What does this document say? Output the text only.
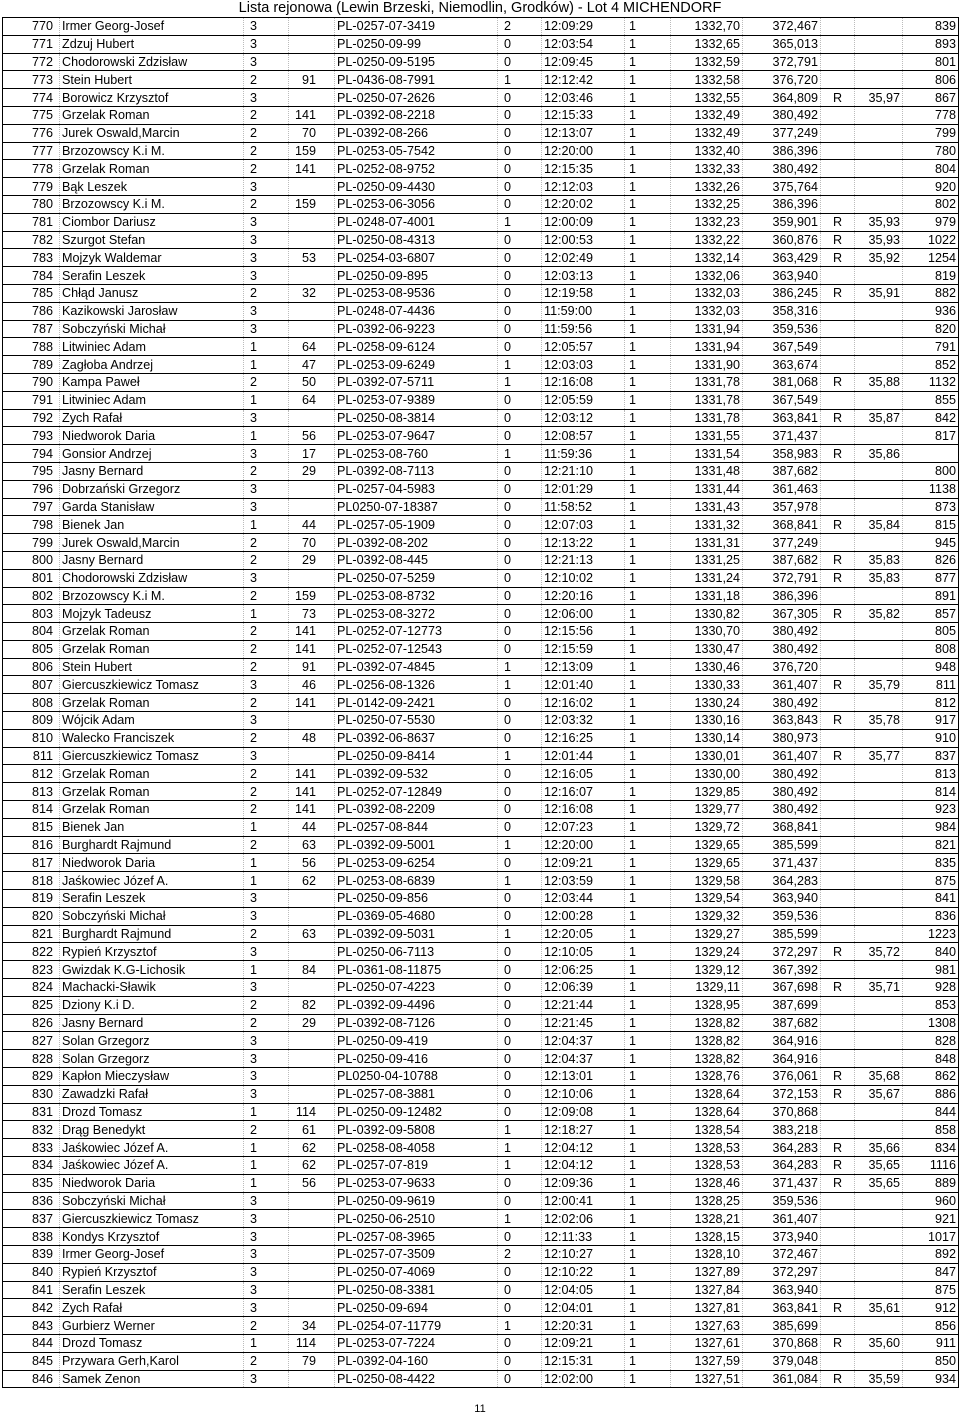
Lista rejonowa (Lewin Brzeski, Niemodlin, Grodków) - Lot 4 MICHENDORF
770	Irmer Georg-Josef	3		PL-0257-07-3419	2	12:09:29	1	1332,70	372,467			839
771	Zdzuj Hubert	3		PL-0250-09-99	0	12:03:54	1	1332,65	365,013			893
772	Chodorowski Zdzisław	3		PL-0250-09-5195	0	12:09:45	1	1332,59	372,791			801
773	Stein Hubert	2	91	PL-0436-08-7991	1	12:12:42	1	1332,58	376,720			806
774	Borowicz Krzysztof	3		PL-0250-07-2626	0	12:03:46	1	1332,55	364,809	R	35,97	867
775	Grzelak Roman	2	141	PL-0392-08-2218	0	12:15:33	1	1332,49	380,492			778
776	Jurek Oswald,Marcin	2	70	PL-0392-08-266	0	12:13:07	1	1332,49	377,249			799
777	Brzozowscy K.i M.	2	159	PL-0253-05-7542	0	12:20:00	1	1332,40	386,396			780
778	Grzelak Roman	2	141	PL-0252-08-9752	0	12:15:35	1	1332,33	380,492			804
779	Bąk Leszek	3		PL-0250-09-4430	0	12:12:03	1	1332,26	375,764			920
780	Brzozowscy K.i M.	2	159	PL-0253-06-3056	0	12:20:02	1	1332,25	386,396			802
781	Ciombor Dariusz	3		PL-0248-07-4001	1	12:00:09	1	1332,23	359,901	R	35,93	979
782	Szurgot Stefan	3		PL-0250-08-4313	0	12:00:53	1	1332,22	360,876	R	35,93	1022
783	Mojzyk Waldemar	3	53	PL-0254-03-6807	0	12:02:49	1	1332,14	363,429	R	35,92	1254
784	Serafin Leszek	3		PL-0250-09-895	0	12:03:13	1	1332,06	363,940			819
785	Chłąd Janusz	2	32	PL-0253-08-9536	0	12:19:58	1	1332,03	386,245	R	35,91	882
786	Kazikowski Jarosław	3		PL-0248-07-4436	0	11:59:00	1	1332,03	358,316			936
787	Sobczyński Michał	3		PL-0392-06-9223	0	11:59:56	1	1331,94	359,536			820
788	Litwiniec Adam	1	64	PL-0258-09-6124	0	12:05:57	1	1331,94	367,549			791
789	Zagłoba Andrzej	1	47	PL-0253-09-6249	1	12:03:03	1	1331,90	363,674			852
790	Kampa Paweł	2	50	PL-0392-07-5711	1	12:16:08	1	1331,78	381,068	R	35,88	1132
791	Litwiniec Adam	1	64	PL-0253-07-9389	0	12:05:59	1	1331,78	367,549			855
792	Zych Rafał	3		PL-0250-08-3814	0	12:03:12	1	1331,78	363,841	R	35,87	842
793	Niedworok Daria	1	56	PL-0253-07-9647	0	12:08:57	1	1331,55	371,437			817
794	Gonsior Andrzej	3	17	PL-0253-08-760	1	11:59:36	1	1331,54	358,983	R	35,86	
795	Jasny Bernard	2	29	PL-0392-08-7113	0	12:21:10	1	1331,48	387,682			800
796	Dobrzański Grzegorz	3		PL-0257-04-5983	0	12:01:29	1	1331,44	361,463			1138
797	Garda Stanisław	3		PL0250-07-18387	0	11:58:52	1	1331,43	357,978			873
798	Bienek Jan	1	44	PL-0257-05-1909	0	12:07:03	1	1331,32	368,841	R	35,84	815
799	Jurek Oswald,Marcin	2	70	PL-0392-08-202	0	12:13:22	1	1331,31	377,249			945
800	Jasny Bernard	2	29	PL-0392-08-445	0	12:21:13	1	1331,25	387,682	R	35,83	826
801	Chodorowski Zdzisław	3		PL-0250-07-5259	0	12:10:02	1	1331,24	372,791	R	35,83	877
802	Brzozowscy K.i M.	2	159	PL-0253-08-8732	0	12:20:16	1	1331,18	386,396			891
803	Mojzyk Tadeusz	1	73	PL-0253-08-3272	0	12:06:00	1	1330,82	367,305	R	35,82	857
804	Grzelak Roman	2	141	PL-0252-07-12773	0	12:15:56	1	1330,70	380,492			805
805	Grzelak Roman	2	141	PL-0252-07-12543	0	12:15:59	1	1330,47	380,492			808
806	Stein Hubert	2	91	PL-0392-07-4845	1	12:13:09	1	1330,46	376,720			948
807	Giercuszkiewicz Tomasz	3	46	PL-0256-08-1326	1	12:01:40	1	1330,33	361,407	R	35,79	811
808	Grzelak Roman	2	141	PL-0142-09-2421	0	12:16:02	1	1330,24	380,492			812
809	Wójcik Adam	3		PL-0250-07-5530	0	12:03:32	1	1330,16	363,843	R	35,78	917
810	Walecko Franciszek	2	48	PL-0392-06-8637	0	12:16:25	1	1330,14	380,973			910
811	Giercuszkiewicz Tomasz	3		PL-0250-09-8414	1	12:01:44	1	1330,01	361,407	R	35,77	837
812	Grzelak Roman	2	141	PL-0392-09-532	0	12:16:05	1	1330,00	380,492			813
813	Grzelak Roman	2	141	PL-0252-07-12849	0	12:16:07	1	1329,85	380,492			814
814	Grzelak Roman	2	141	PL-0392-08-2209	0	12:16:08	1	1329,77	380,492			923
815	Bienek Jan	1	44	PL-0257-08-844	0	12:07:23	1	1329,72	368,841			984
816	Burghardt Rajmund	2	63	PL-0392-09-5001	1	12:20:00	1	1329,65	385,599			821
817	Niedworok Daria	1	56	PL-0253-09-6254	0	12:09:21	1	1329,65	371,437			835
818	Jaśkowiec Józef A.	1	62	PL-0253-08-6839	1	12:03:59	1	1329,58	364,283			875
819	Serafin Leszek	3		PL-0250-09-856	0	12:03:44	1	1329,54	363,940			841
820	Sobczyński Michał	3		PL-0369-05-4680	0	12:00:28	1	1329,32	359,536			836
821	Burghardt Rajmund	2	63	PL-0392-09-5031	1	12:20:05	1	1329,27	385,599			1223
822	Rypień Krzysztof	3		PL-0250-06-7113	0	12:10:05	1	1329,24	372,297	R	35,72	840
823	Gwizdak K.G-Lichosik	1	84	PL-0361-08-11875	0	12:06:25	1	1329,12	367,392			981
824	Machacki-Sławik	3		PL-0250-07-4223	0	12:06:39	1	1329,11	367,698	R	35,71	928
825	Dziony K.i D.	2	82	PL-0392-09-4496	0	12:21:44	1	1328,95	387,699			853
826	Jasny Bernard	2	29	PL-0392-08-7126	0	12:21:45	1	1328,82	387,682			1308
827	Solan Grzegorz	3		PL-0250-09-419	0	12:04:37	1	1328,82	364,916			828
828	Solan Grzegorz	3		PL-0250-09-416	0	12:04:37	1	1328,82	364,916			848
829	Kapłon Mieczysław	3		PL0250-04-10788	0	12:13:01	1	1328,76	376,061	R	35,68	862
830	Zawadzki Rafał	3		PL-0257-08-3881	0	12:10:06	1	1328,64	372,153	R	35,67	886
831	Drozd Tomasz	1	114	PL-0250-09-12482	0	12:09:08	1	1328,64	370,868			844
832	Drąg Benedykt	2	61	PL-0392-09-5808	1	12:18:27	1	1328,54	383,218			858
833	Jaśkowiec Józef A.	1	62	PL-0258-08-4058	1	12:04:12	1	1328,53	364,283	R	35,66	834
834	Jaśkowiec Józef A.	1	62	PL-0257-07-819	1	12:04:12	1	1328,53	364,283	R	35,65	1116
835	Niedworok Daria	1	56	PL-0253-07-9633	0	12:09:36	1	1328,46	371,437	R	35,65	889
836	Sobczyński Michał	3		PL-0250-09-9619	0	12:00:41	1	1328,25	359,536			960
837	Giercuszkiewicz Tomasz	3		PL-0250-06-2510	1	12:02:06	1	1328,21	361,407			921
838	Kondys Krzysztof	3		PL-0257-08-3965	0	12:11:33	1	1328,15	373,940			1017
839	Irmer Georg-Josef	3		PL-0257-07-3509	2	12:10:27	1	1328,10	372,467			892
840	Rypień Krzysztof	3		PL-0250-07-4069	0	12:10:22	1	1327,89	372,297			847
841	Serafin Leszek	3		PL-0250-08-3381	0	12:04:05	1	1327,84	363,940			875
842	Zych Rafał	3		PL-0250-09-694	0	12:04:01	1	1327,81	363,841	R	35,61	912
843	Gurbierz Werner	2	34	PL-0254-07-11779	1	12:20:31	1	1327,63	385,699			856
844	Drozd Tomasz	1	114	PL-0253-07-7224	0	12:09:21	1	1327,61	370,868	R	35,60	911
845	Przywara Gerh,Karol	2	79	PL-0392-04-160	0	12:15:31	1	1327,59	379,048			850
846	Samek Zenon	3		PL-0250-08-4422	0	12:02:00	1	1327,51	361,084	R	35,59	934
11
